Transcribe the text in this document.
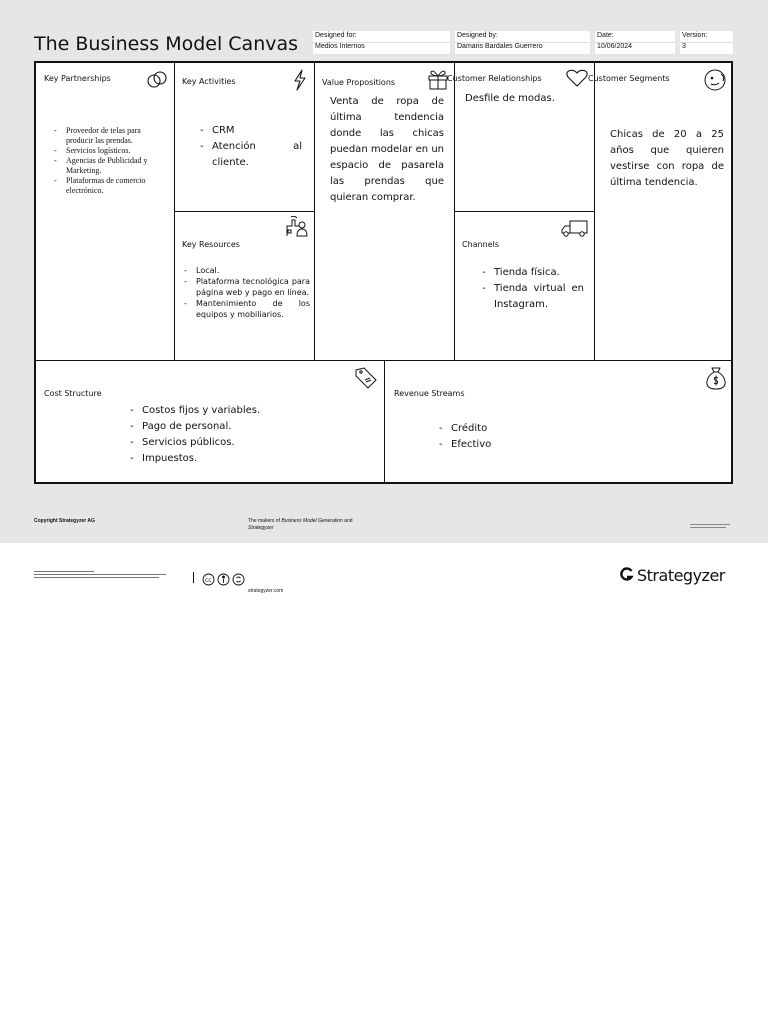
The Business Model Canvas Designed for:
Medios Internos
Designed by:
Damaris Bardales Guerrero
Date:
10/06/2024
Version:
3
Key Partnerships
- Proveedor de telas para producir las prendas.
- Servicios logísticos.
- Agencias de Publicidad y Marketing.
- Plataformas de comercio electrónico.
Key Activities
- CRM
- Atención al cliente.
Key Resources
- Local.
- Plataforma tecnológica para página web y pago en línea.
- Mantenimiento de los equipos y mobiliarios.
Value Propositions
Venta de ropa de última tendencia donde las chicas puedan modelar en un espacio de pasarela las prendas que quieran comprar.
Customer Relationships
Desfile de modas.
Channels
- Tienda física.
- Tienda virtual en Instagram.
Customer Segments
Chicas de 20 a 25 años que quieren vestirse con ropa de última tendencia.
Cost Structure
- Costos fijos y variables.
- Pago de personal.
- Servicios públicos.
- Impuestos.
Revenue Streams
- Crédito
- Efectivo
Copyright Strategyzer AG	The makers of Business Model Generation and
Strategyzer
cc
strategyzer.com
Strategyzer
